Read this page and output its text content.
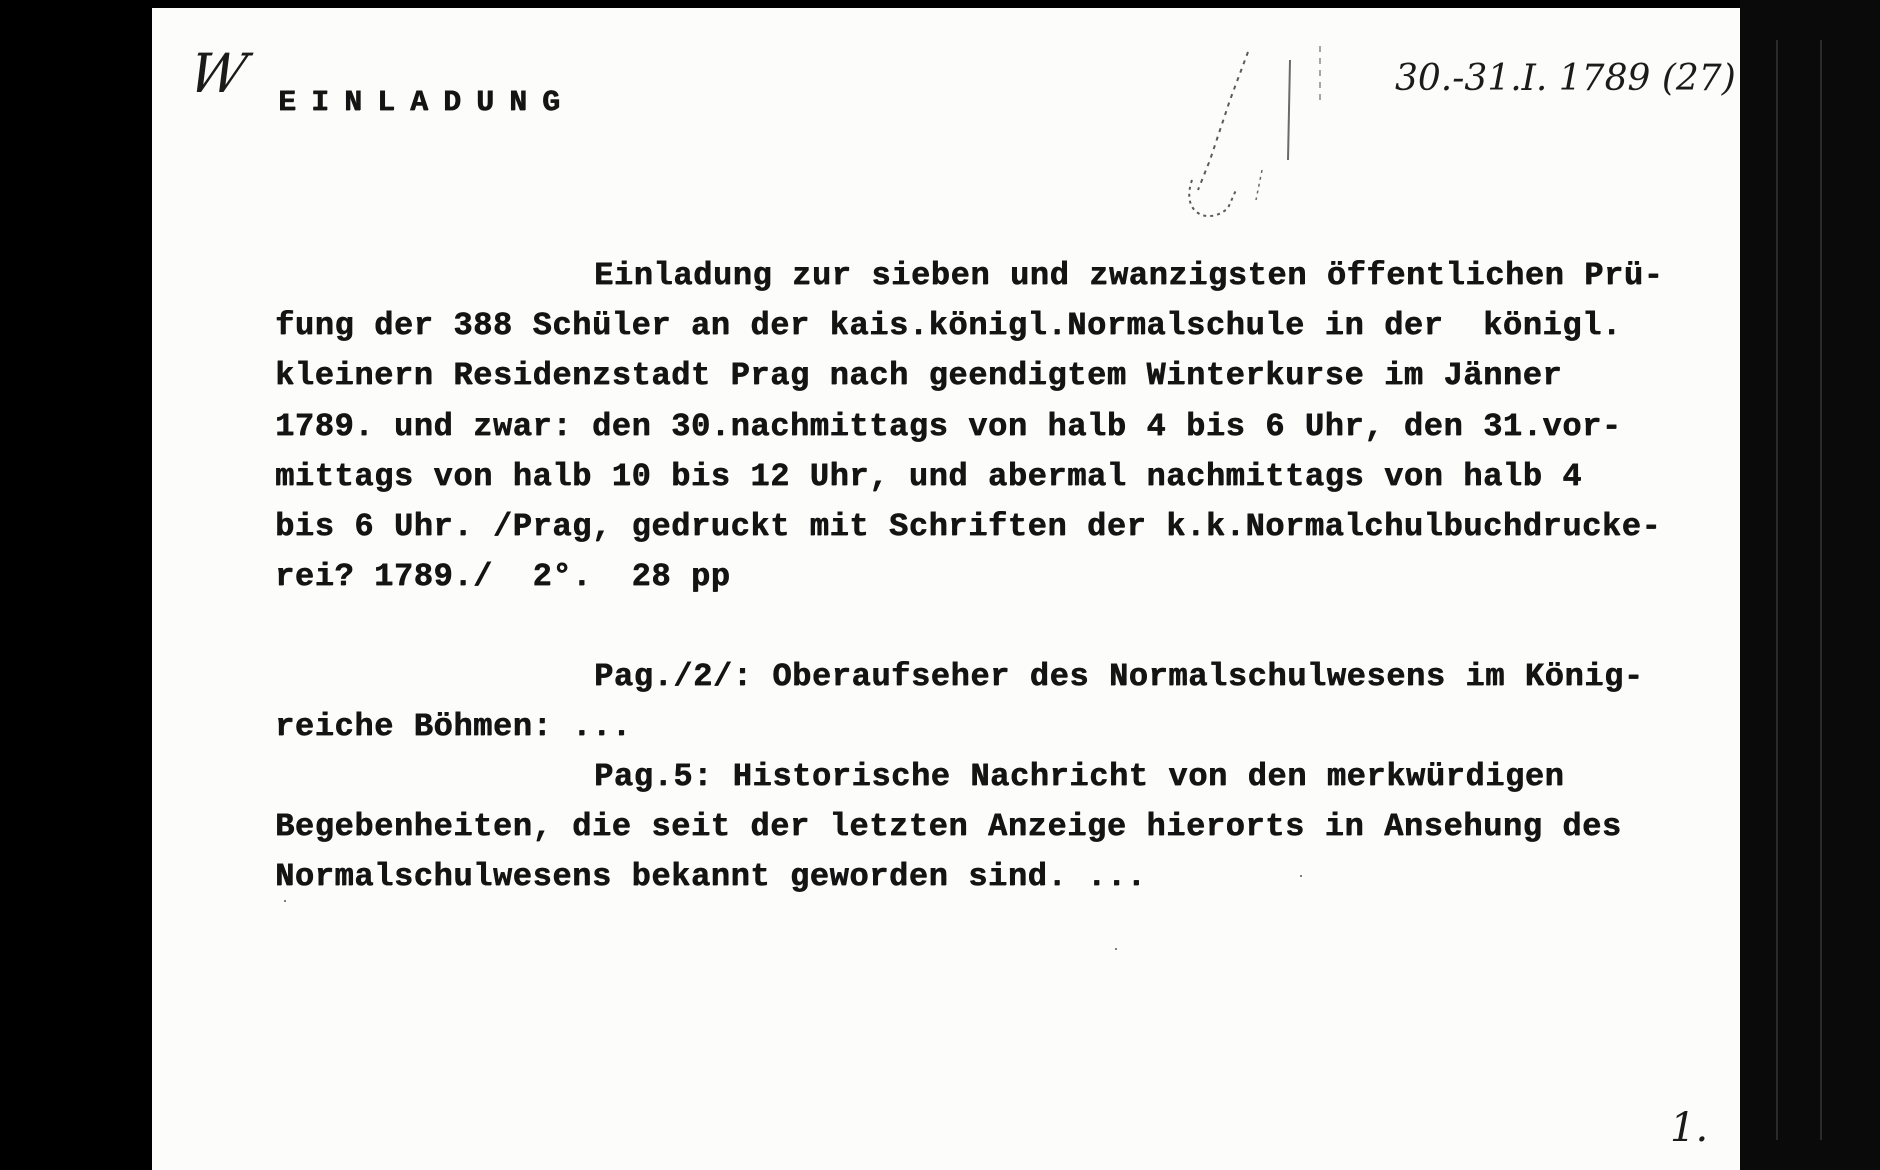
W EINLADUNG
30.-31.I. 1789 (27)
Einladung zur sieben und zwanzigsten öffentlichen Prü-
fung der 388 Schüler an der kais.königl.Normalschule in der  königl.
kleinern Residenzstadt Prag nach geendigtem Winterkurse im Jänner
1789. und zwar: den 30.nachmittags von halb 4 bis 6 Uhr, den 31.vor-
mittags von halb 10 bis 12 Uhr, und abermal nachmittags von halb 4
bis 6 Uhr. /Prag, gedruckt mit Schriften der k.k.Normalchulbuchdrucke-
rei? 1789./  2°.  28 pp
Pag./2/: Oberaufseher des Normalschulwesens im König-
reiche Böhmen: ...
Pag.5: Historische Nachricht von den merkwürdigen
Begebenheiten, die seit der letzten Anzeige hierorts in Ansehung des
Normalschulwesens bekannt geworden sind. ...
1.
